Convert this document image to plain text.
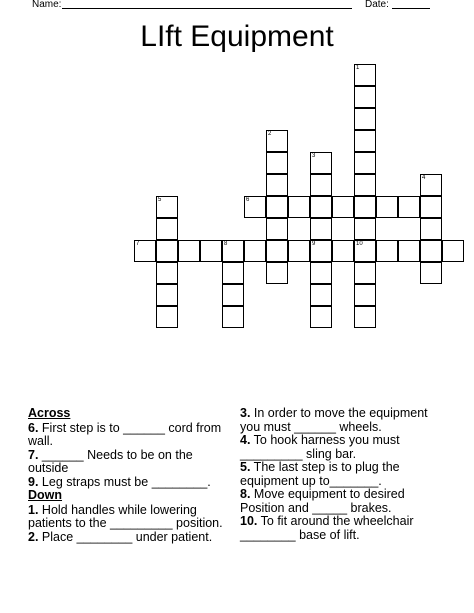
Name:	Date:
LIft Equipment
1
10
2
3
9
4
5	6
7	8
Across
6. First step is to ______ cord from wall.
7. ______ Needs to be on the outside
9. Leg straps must be ________.
Down
1. Hold handles while lowering patients to the _________ position.
2. Place ________ under patient.
3. In order to move the equipment you must ______ wheels.
4. To hook harness you must _________ sling bar.
5. The last step is to plug the equipment up to_______.
8. Move equipment to desired Position and _____ brakes.
10. To fit around the wheelchair ________ base of lift.
